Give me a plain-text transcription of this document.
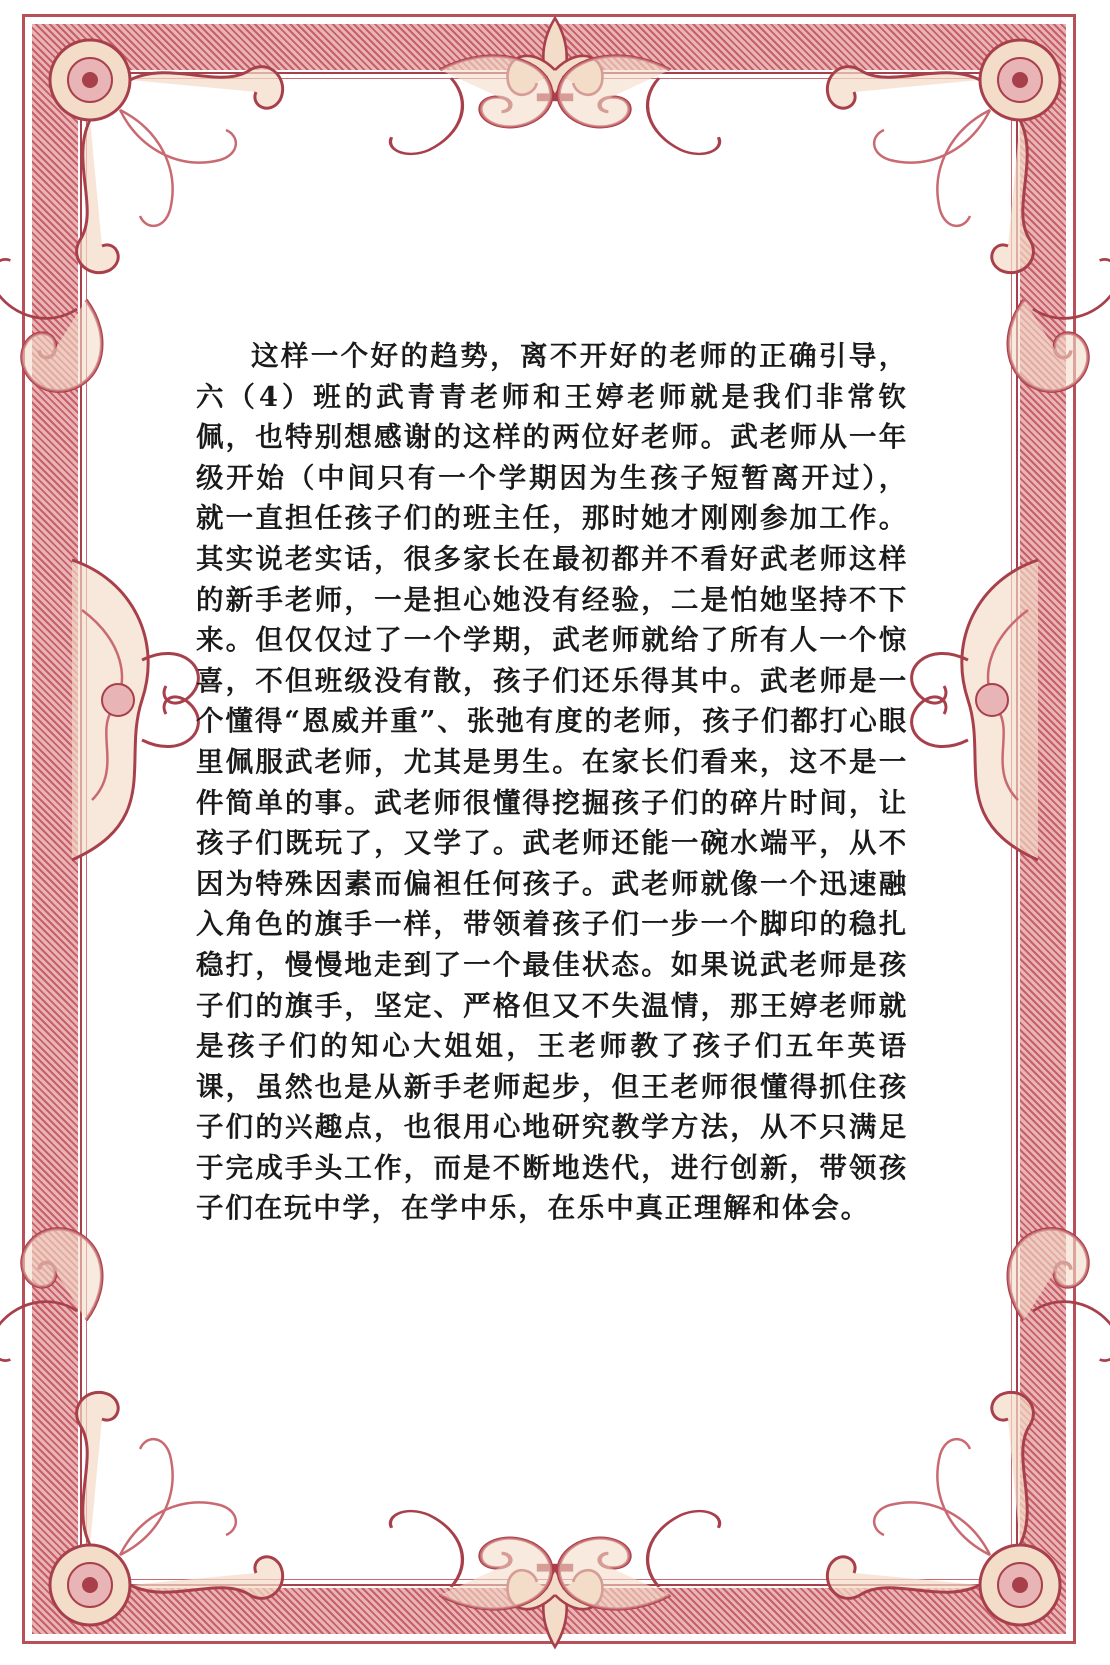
这样一个好的趋势，离不开好的老师的正确引导，六（4）班的武青青老师和王婷老师就是我们非常钦佩，也特别想感谢的这样的两位好老师。武老师从一年级开始（中间只有一个学期因为生孩子短暂离开过），就一直担任孩子们的班主任，那时她才刚刚参加工作。其实说老实话，很多家长在最初都并不看好武老师这样的新手老师，一是担心她没有经验，二是怕她坚持不下来。但仅仅过了一个学期，武老师就给了所有人一个惊喜，不但班级没有散，孩子们还乐得其中。武老师是一个懂得“恩威并重”、张弛有度的老师，孩子们都打心眼里佩服武老师，尤其是男生。在家长们看来，这不是一件简单的事。武老师很懂得挖掘孩子们的碎片时间，让孩子们既玩了，又学了。武老师还能一碗水端平，从不因为特殊因素而偏袒任何孩子。武老师就像一个迅速融入角色的旗手一样，带领着孩子们一步一个脚印的稳扎稳打，慢慢地走到了一个最佳状态。如果说武老师是孩子们的旗手，坚定、严格但又不失温情，那王婷老师就是孩子们的知心大姐姐，王老师教了孩子们五年英语课，虽然也是从新手老师起步，但王老师很懂得抓住孩子们的兴趣点，也很用心地研究教学方法，从不只满足于完成手头工作，而是不断地迭代，进行创新，带领孩子们在玩中学，在学中乐，在乐中真正理解和体会。
